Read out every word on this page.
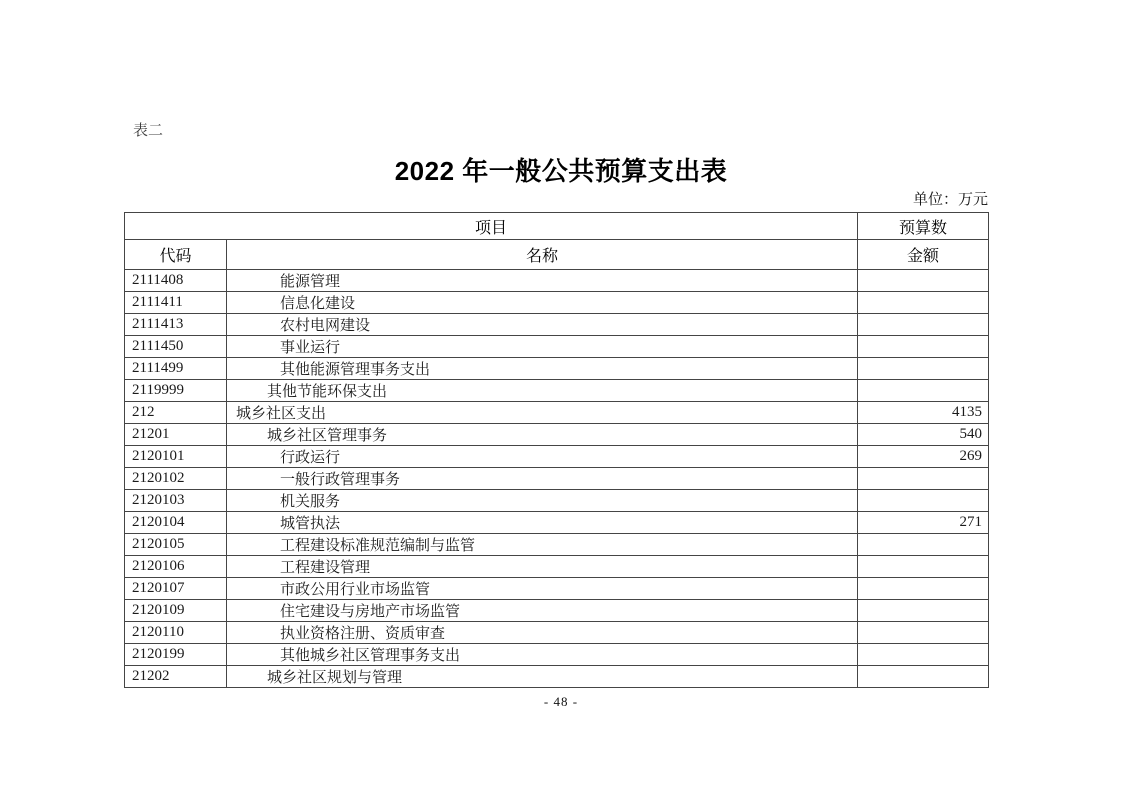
表二
2022 年一般公共预算支出表
单位：万元
项目		预算数
代码	名称	金额
2111408	能源管理	
2111411	信息化建设	
2111413	农村电网建设	
2111450	事业运行	
2111499	其他能源管理事务支出	
2119999	其他节能环保支出	
212	城乡社区支出	4135
21201	城乡社区管理事务	540
2120101	行政运行	269
2120102	一般行政管理事务	
2120103	机关服务	
2120104	城管执法	271
2120105	工程建设标准规范编制与监管	
2120106	工程建设管理	
2120107	市政公用行业市场监管	
2120109	住宅建设与房地产市场监管	
2120110	执业资格注册、资质审查	
2120199	其他城乡社区管理事务支出	
21202	城乡社区规划与管理	
- 48 -
